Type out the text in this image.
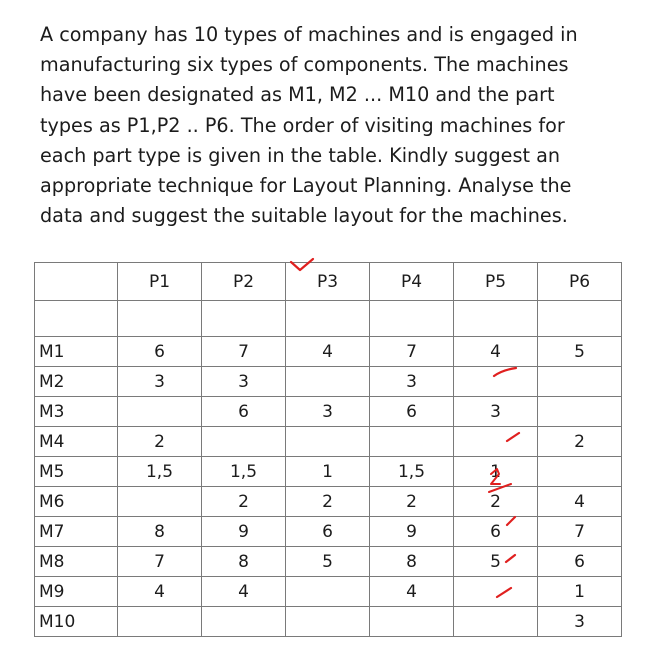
A company has 10 types of machines and is engaged in
manufacturing six types of components. The machines
have been designated as M1, M2 ... M10 and the part
types as P1,P2 .. P6. The order of visiting machines for
each part type is given in the table. Kindly suggest an
appropriate technique for Layout Planning. Analyse the
data and suggest the suitable layout for the machines.
	P1	P2	P3	P4	P5	P6

M1	6	7	4	7	4	5
M2	3	3		3		
M3		6	3	6	3	
M4	2					2
M5	1,5	1,5	1	1,5	1	
M6		2	2	2	2	4
M7	8	9	6	9	6	7
M8	7	8	5	8	5	6
M9	4	4		4		1
M10						3
